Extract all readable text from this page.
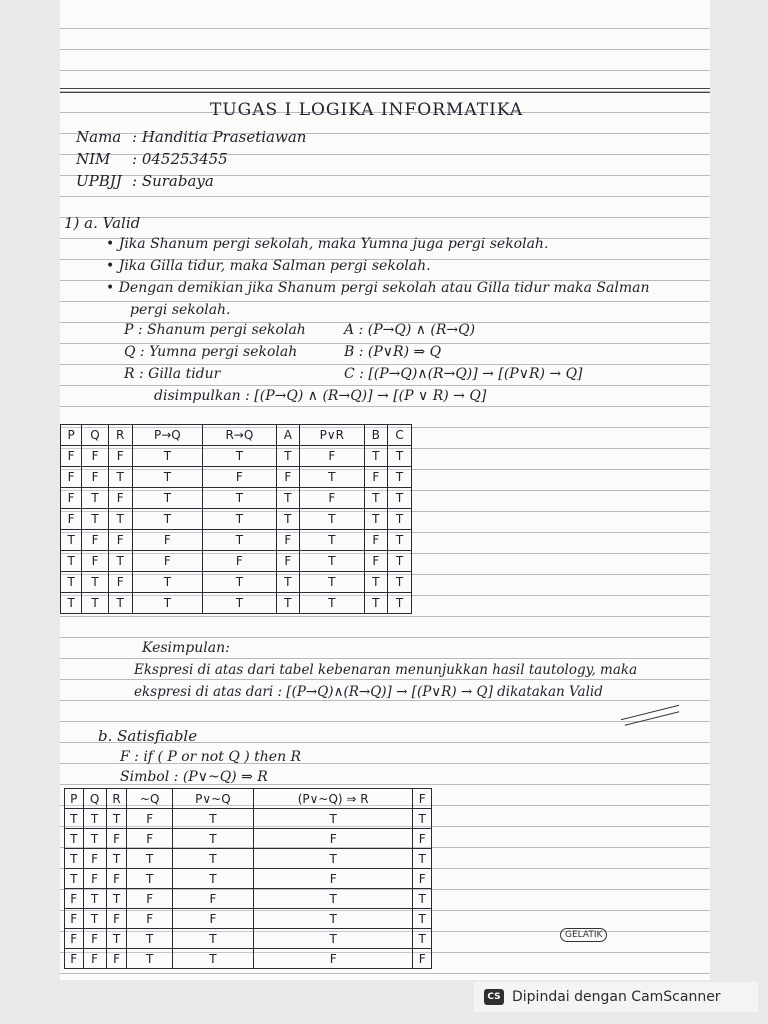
TUGAS I LOGIKA INFORMATIKA
Nama : Handitia Prasetiawan
NIM : 045253455
UPBJJ : Surabaya
1) a. Valid
• Jika Shanum pergi sekolah, maka Yumna juga pergi sekolah.
• Jika Gilla tidur, maka Salman pergi sekolah.
• Dengan demikian jika Shanum pergi sekolah atau Gilla tidur maka Salman
pergi sekolah.
P : Shanum pergi sekolah
Q : Yumna pergi sekolah
R : Gilla tidur
A : (P→Q) ∧ (R→Q)
B : (P∨R) ⇒ Q
C : [(P→Q)∧(R→Q)] → [(P∨R) → Q]
disimpulkan : [(P→Q) ∧ (R→Q)] → [(P ∨ R) → Q]
P	Q	R	P→Q	R→Q	A	P∨R	B	C
F	F	F	T	T	T	F	T	T
F	F	T	T	F	F	T	F	T
F	T	F	T	T	T	F	T	T
F	T	T	T	T	T	T	T	T
T	F	F	F	T	F	T	F	T
T	F	T	F	F	F	T	F	T
T	T	F	T	T	T	T	T	T
T	T	T	T	T	T	T	T	T
Kesimpulan:
Ekspresi di atas dari tabel kebenaran menunjukkan hasil tautology, maka
ekspresi di atas dari : [(P→Q)∧(R→Q)] → [(P∨R) → Q] dikatakan Valid
b. Satisfiable
F : if ( P or not Q ) then R
Simbol : (P∨~Q) ⇒ R
P	Q	R	~Q	P∨~Q	(P∨~Q) ⇒ R	F
T	T	T	F	T	T	T
T	T	F	F	T	F	F
T	F	T	T	T	T	T
T	F	F	T	T	F	F
F	T	T	F	F	T	T
F	T	F	F	F	T	T
F	F	T	T	T	T	T
F	F	F	T	T	F	F
GELATIK
CS Dipindai dengan CamScanner
